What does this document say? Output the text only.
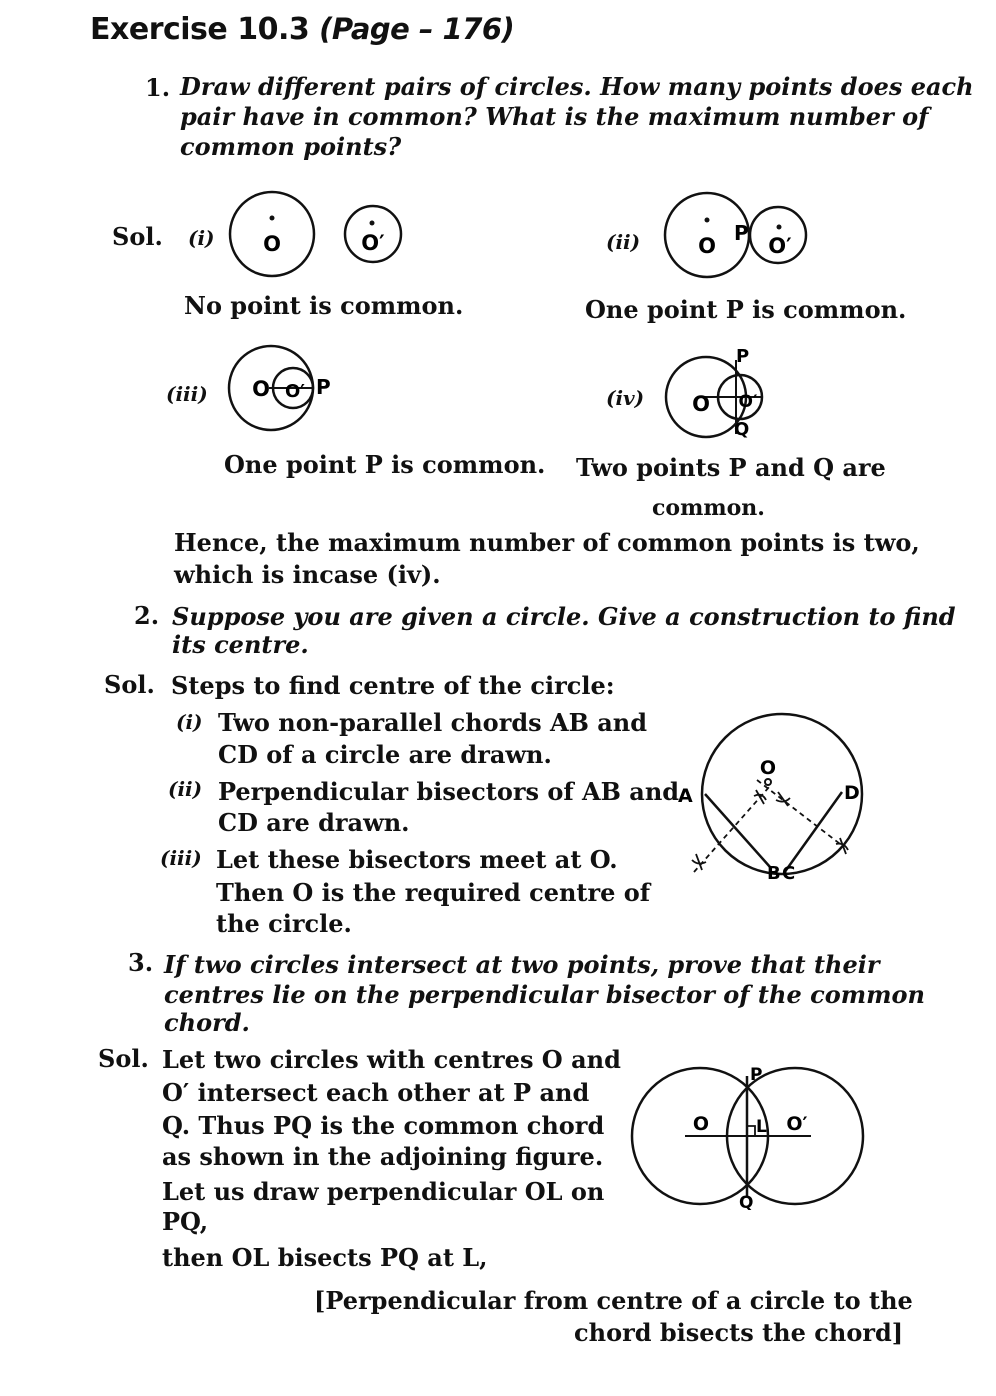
Exercise 10.3 (Page – 176)
1. Draw different pairs of circles. How many points does each
pair have in common? What is the maximum number of
common points?
Sol. (i)	(ii)
O	O′	O O′
P
No point is common.	One point P is common.
(iii)	(iv)
O O′ P
O O′
P
Q
One point P is common. Two points P and Q are
common.
Hence, the maximum number of common points is two,
which is incase (iv).
2. Suppose you are given a circle. Give a construction to find
its centre.
Sol. Steps to find centre of the circle:
(i) Two non-parallel chords AB and
CD of a circle are drawn.
(ii) Perpendicular bisectors of AB and
CD are drawn.
(iii) Let these bisectors meet at O.
Then O is the required centre of
the circle.
O
A
B C
D
3. If two circles intersect at two points, prove that their
centres lie on the perpendicular bisector of the common
chord.
Sol. Let two circles with centres O and
O′ intersect each other at P and
Q. Thus PQ is the common chord
as shown in the adjoining figure.
Let us draw perpendicular OL on
PQ,
then OL bisects PQ at L,
O	O′
P
Q
L
[Perpendicular from centre of a circle to the
chord bisects the chord]
